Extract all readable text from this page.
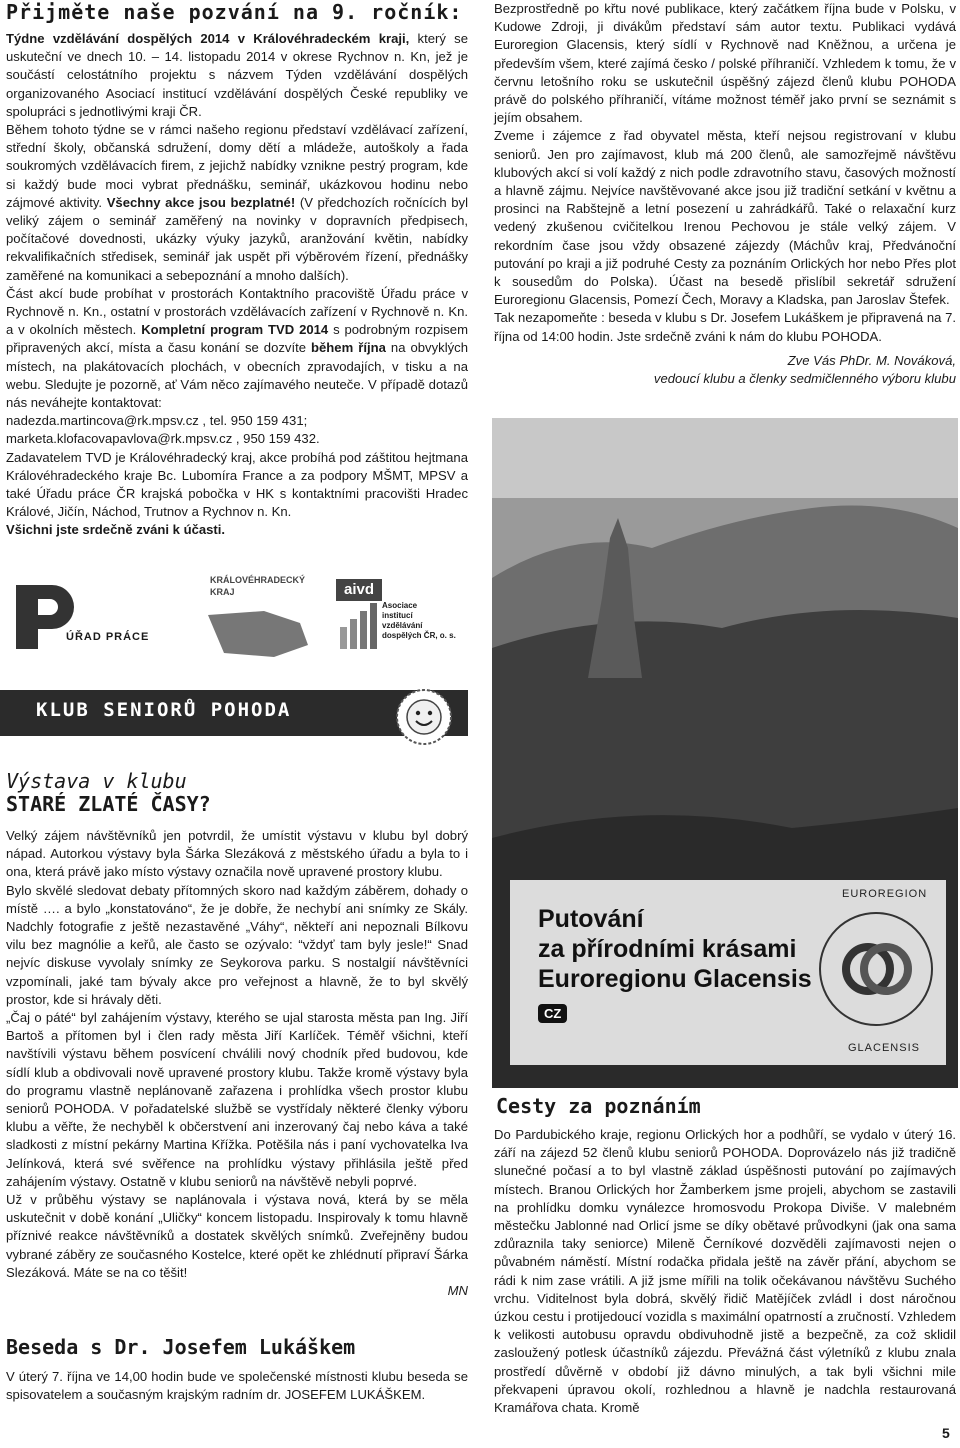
Přijměte naše pozvání na 9. ročník:

Týdne vzdělávání dospělých 2014 v Královéhradeckém kraji, který se uskuteční ve dnech 10. – 14. listopadu 2014 v okrese Rychnov n. Kn, jež je součástí celostátního projektu s názvem Týden vzdělávání dospělých organizovaného Asociací institucí vzdělávání dospělých České republiky ve spolupráci s jednotlivými kraji ČR.

Během tohoto týdne se v rámci našeho regionu představí vzdělávací zařízení, střední školy, občanská sdružení, domy dětí a mládeže, autoškoly a řada soukromých vzdělávacích firem, z jejichž nabídky vznikne pestrý program, kde si každý bude moci vybrat přednášku, seminář, ukázkovou hodinu nebo zájmové aktivity. Všechny akce jsou bezplatné! (V předchozích ročnících byl veliký zájem o seminář zaměřený na novinky v dopravních předpisech, počítačové dovednosti, ukázky výuky jazyků, aranžování květin, nabídky rekvalifikačních středisek, seminář jak uspět při výběrovém řízení, přednášky zaměřené na komunikaci a sebepoznání a mnoho dalších).

Část akcí bude probíhat v prostorách Kontaktního pracoviště Úřadu práce v Rychnově n. Kn., ostatní v prostorách vzdělávacích zařízení v Rychnově n. Kn. a v okolních městech. Kompletní program TVD 2014 s podrobným rozpisem připravených akcí, místa a času konání se dozvíte během října na obvyklých místech, na plakátovacích plochách, v obecních zpravodajích, v tisku a na webu. Sledujte je pozorně, ať Vám něco zajímavého neuteče. V případě dotazů nás neváhejte kontaktovat:

nadezda.martincova@rk.mpsv.cz , tel. 950 159 431;

marketa.klofacovapavlova@rk.mpsv.cz , 950 159 432.

Zadavatelem TVD je Královéhradecký kraj, akce probíhá pod záštitou hejtmana Královéhradeckého kraje Bc. Lubomíra France a za podpory MŠMT, MPSV a také Úřadu práce ČR krajská pobočka v HK s kontaktními pracovišti Hradec Králové, Jičín, Náchod, Trutnov a Rychnov n. Kn.

Všichni jste srdečně zváni k účasti.

ÚŘAD PRÁCE
KRÁLOVÉHRADECKÝ
KRAJ	aivd
Asociace
institucí
vzdělávání
dospělých ČR, o. s.
KLUB SENIORŮ POHODA
Výstava v klubu
STARÉ ZLATÉ ČASY?

Velký zájem návštěvníků jen potvrdil, že umístit výstavu v klubu byl dobrý nápad. Autorkou výstavy byla Šárka Slezáková z městského úřadu a byla to i ona, která právě jako místo výstavy označila nově upravené prostory klubu.

Bylo skvělé sledovat debaty přítomných skoro nad každým záběrem, dohady o místě …. a bylo „konstatováno“, že je dobře, že nechybí ani snímky ze Skály. Nadchly fotografie z ještě nezastavěné „Váhy“, někteří ani nepoznali Bílkovu vilu bez magnólie a keřů, ale často se ozývalo: “vždyť tam byly jesle!“ Snad nejvíc diskuse vyvolaly snímky ze Seykorova parku. S nostalgií návštěvníci vzpomínali, jaké tam bývaly akce pro veřejnost a hlavně, že to byl skvělý prostor, kde si hrávaly děti.

„Čaj o páté“ byl zahájením výstavy, kterého se ujal starosta města pan Ing. Jiří Bartoš a přítomen byl i člen rady města Jiří Karlíček. Téměř všichni, kteří navštívili výstavu během posvícení chválili nový chodník před budovou, kde sídlí klub a obdivovali nově upravené prostory klubu. Takže kromě výstavy byla do programu vlastně neplánovaně zařazena i prohlídka všech prostor klubu seniorů POHODA. V pořadatelské službě se vystřídaly některé členky výboru klubu a věřte, že nechyběl k občerstvení ani inzerovaný čaj nebo káva a také sladkosti z místní pekárny Martina Křížka. Potěšila nás i paní vychovatelka Iva Jelínková, která své svěřence na prohlídku výstavy přihlásila ještě před zahájením výstavy. Ostatně v klubu seniorů na návštěvě nebyli poprvé.

Už v průběhu výstavy se naplánovala i výstava nová, která by se měla uskutečnit v době konání „Uličky“ koncem listopadu. Inspirovaly k tomu hlavně příznivé reakce návštěvníků a dostatek skvělých snímků. Zveřejněny budou vybrané záběry ze současného Kostelce, které opět ke zhlédnutí připraví Šárka Slezáková. Máte se na co těšit!

MN

Beseda s Dr. Josefem Lukáškem

V úterý 7. října ve 14,00 hodin bude ve společenské místnosti klubu beseda se spisovatelem a současným krajským radním dr. JOSEFEM LUKÁŠKEM.

Bezprostředně po křtu nové publikace, který začátkem října bude v Polsku, v Kudowe Zdroji, ji divákům představí sám autor textu. Publikaci vydává Euroregion Glacensis, který sídlí v Rychnově nad Kněžnou, a určena je především všem, které zajímá česko / polské příhraničí. Vzhledem k tomu, že v červnu letošního roku se uskutečnil úspěšný zájezd členů klubu POHODA právě do polského příhraničí, vítáme možnost téměř jako první se seznámit s jejím obsahem.

Zveme i zájemce z řad obyvatel města, kteří nejsou registrovaní v klubu seniorů. Jen pro zajímavost, klub má 200 členů, ale samozřejmě návštěvu klubových akcí si volí každý z nich podle zdravotního stavu, časových možností a hlavně zájmu. Nejvíce navštěvované akce jsou již tradiční setkání v květnu a prosinci na Rabštejně a letní posezení u zahrádkářů. Také o relaxační kurz vedený zkušenou cvičitelkou Irenou Pechovou je stále velký zájem. V rekordním čase jsou vždy obsazené zájezdy (Máchův kraj, Předvánoční putování po kraji a již podruhé Cesty za poznáním Orlických hor nebo Přes plot k sousedům do Polska). Účast na besedě přislíbil sekretář sdružení Euroregionu Glacensis, Pomezí Čech, Moravy a Kladska, pan Jaroslav Štefek.

Tak nezapomeňte : beseda v klubu s Dr. Josefem Lukáškem je připravená na 7. října od 14:00 hodin. Jste srdečně zváni k nám do klubu POHODA.

Zve Vás PhDr. M. Nováková,

vedoucí klubu a členky sedmičlenného výboru klubu

Putování
za přírodními krásami
Euroregionu Glacensis
CZ
EUROREGION
GLACENSIS
Cesty za poznáním

Do Pardubického kraje, regionu Orlických hor a podhůří, se vydalo v úterý 16. září na zájezd 52 členů klubu seniorů POHODA. Doprovázelo nás již tradičně slunečné počasí a to byl vlastně základ úspěšnosti putování po zajímavých místech. Branou Orlických hor Žamberkem jsme projeli, abychom se zastavili na prohlídku domku vynálezce hromosvodu Prokopa Diviše. V malebném městečku Jablonné nad Orlicí jsme se díky obětavé průvodkyni (jak ona sama zdůraznila taky seniorce) Mileně Černíkové dozvěděli zajímavosti nejen o půvabném náměstí. Místní rodačka přidala ještě na závěr přání, abychom se rádi k nim zase vrátili. A již jsme mířili na tolik očekávanou návštěvu Suchého vrchu. Viditelnost byla dobrá, skvělý řidič Matějíček zvládl i dost náročnou úzkou cestu i protijedoucí vozidla s maximální opatrností a zručností. Vzhledem k velikosti autobusu opravdu obdivuhodně jistě a bezpečně, za což sklidil zasloužený potlesk účastníků zájezdu. Převážná část výletníků z klubu znala prostředí důvěrně v období již dávno minulých, a tak byli všichni mile překvapeni úpravou okolí, rozhlednou a hlavně je nadchla restaurovaná Kramářova chata. Kromě

5
